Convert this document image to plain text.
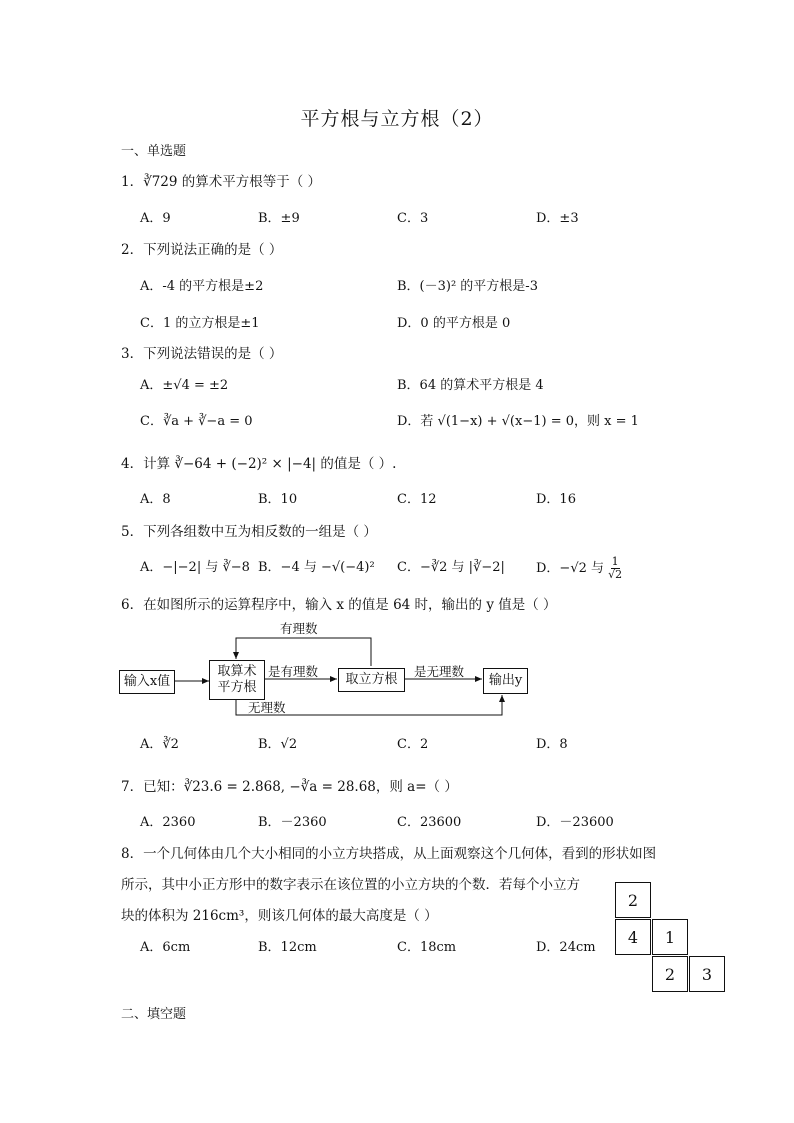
平方根与立方根（2）
一、单选题
1．∛729 的算术平方根等于（ ）
A．9	B．±9	C．3	D．±3
2．下列说法正确的是（ ）
A．-4 的平方根是±2	B．(－3)² 的平方根是-3
C．1 的立方根是±1	D．0 的平方根是 0
3．下列说法错误的是（ ）
A．±√4 = ±2	B．64 的算术平方根是 4
C．∛a + ∛−a = 0	D．若 √(1−x) + √(x−1) = 0，则 x = 1
4．计算 ∛−64 + (−2)² × |−4| 的值是（ ）.
A．8	B．10	C．12	D．16
5．下列各组数中互为相反数的一组是（ ）
A．−|−2| 与 ∛−8 B．−4 与 −√(−4)² C．−∛2 与 |∛−2| D．−√2 与 $\frac{1}{√2}$
6．在如图所示的运算程序中，输入 x 的值是 64 时，输出的 y 值是（ ）
输入x值
取算术
平方根
取立方根	输出y
有理数
是有理数	是无理数
无理数
A．∛2	B．√2	C．2	D．8
7．已知：∛23.6 = 2.868, −∛a = 28.68，则 a=（ ）
A．2360	B．－2360	C．23600	D．－23600
8．一个几何体由几个大小相同的小立方块搭成，从上面观察这个几何体，看到的形状如图
所示，其中小正方形中的数字表示在该位置的小立方块的个数．若每个小立方
块的体积为 216cm³，则该几何体的最大高度是（ ）
A．6cm	B．12cm	C．18cm	D．24cm
2
4	1
2	3
二、填空题
